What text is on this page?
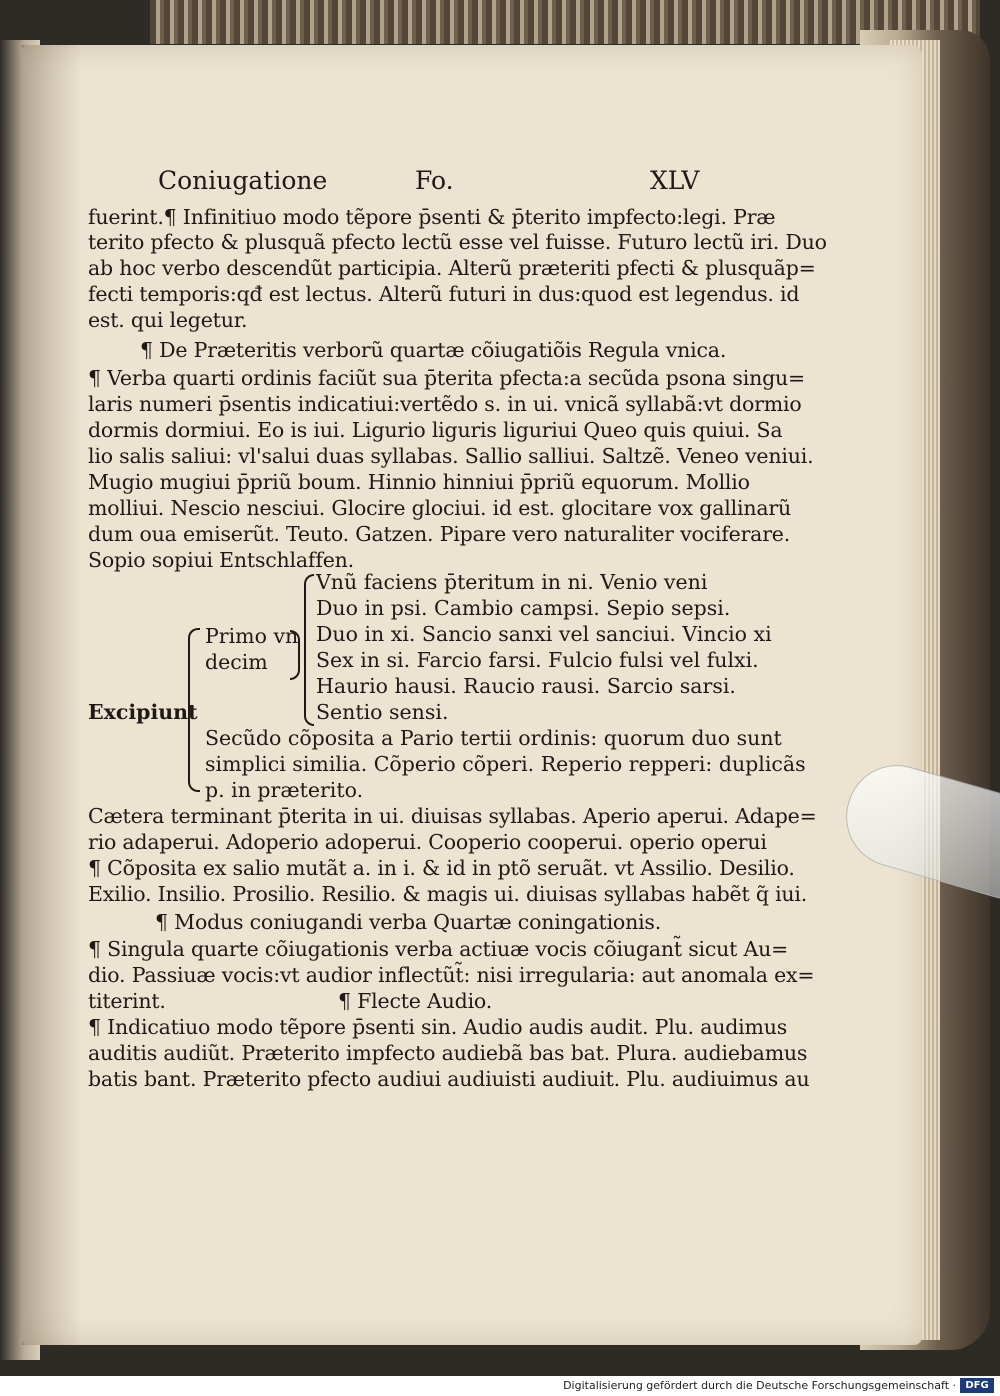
Coniugatione	Fo.	XLV
fuerint.¶ Infinitiuo modo tẽpore p̄senti & p̄terito impfecto:legi. Præ
terito pfecto & plusquã pfecto lectũ esse vel fuisse. Futuro lectũ iri. Duo
ab hoc verbo descendũt participia. Alterũ præteriti pfecti & plusquãp=
fecti temporis:qđ est lectus. Alterũ futuri in dus:quod est legendus. id
est. qui legetur.
¶ De Præteritis verborũ quartæ cõiugatiõis Regula vnica.
¶ Verba quarti ordinis faciũt sua p̄terita pfecta:a secũda psona singu=
laris numeri p̄sentis indicatiui:vertẽdo s. in ui. vnicã syllabã:vt dormio
dormis dormiui. Eo is iui. Ligurio liguris liguriui Queo quis quiui. Sa
lio salis saliui: vl'salui duas syllabas. Sallio salliui. Saltzẽ. Veneo veniui.
Mugio mugiui p̄priũ boum. Hinnio hinniui p̄priũ equorum. Mollio
molliui. Nescio nesciui. Glocire glociui. id est. glocitare vox gallinarũ
dum oua emiserũt. Teuto. Gatzen. Pipare vero naturaliter vociferare.
Sopio sopiui Entschlaffen.
Excipiunt
Primo vn
decim
Vnũ faciens p̄teritum in ni. Venio veni
Duo in psi. Cambio campsi. Sepio sepsi.
Duo in xi. Sancio sanxi vel sanciui. Vincio xi
Sex in si. Farcio farsi. Fulcio fulsi vel fulxi.
Haurio hausi. Raucio rausi. Sarcio sarsi.
Sentio sensi.
Secũdo cõposita a Pario tertii ordinis: quorum duo sunt
simplici similia. Cõperio cõperi. Reperio repperi: duplicãs
p. in præterito.
Cætera terminant p̄terita in ui. diuisas syllabas. Aperio aperui. Adape=
rio adaperui. Adoperio adoperui. Cooperio cooperui. operio operui
¶ Cõposita ex salio mutãt a. in i. & id in ptõ seruãt. vt Assilio. Desilio.
Exilio. Insilio. Prosilio. Resilio. & magis ui. diuisas syllabas habẽt q̃ iui.
¶ Modus coniugandi verba Quartæ coningationis.
¶ Singula quarte cõiugationis verba actiuæ vocis cõiugant̃ sicut Au=
dio. Passiuæ vocis:vt audior inflectũt̃: nisi irregularia: aut anomala ex=
titerint.	¶ Flecte Audio.
¶ Indicatiuo modo tẽpore p̄senti sin. Audio audis audit. Plu. audimus
auditis audiũt. Præterito impfecto audiebã bas bat. Plura. audiebamus
batis bant. Præterito pfecto audiui audiuisti audiuit. Plu. audiuimus au
Digitalisierung gefördert durch die Deutsche Forschungsgemeinschaft · DFG
